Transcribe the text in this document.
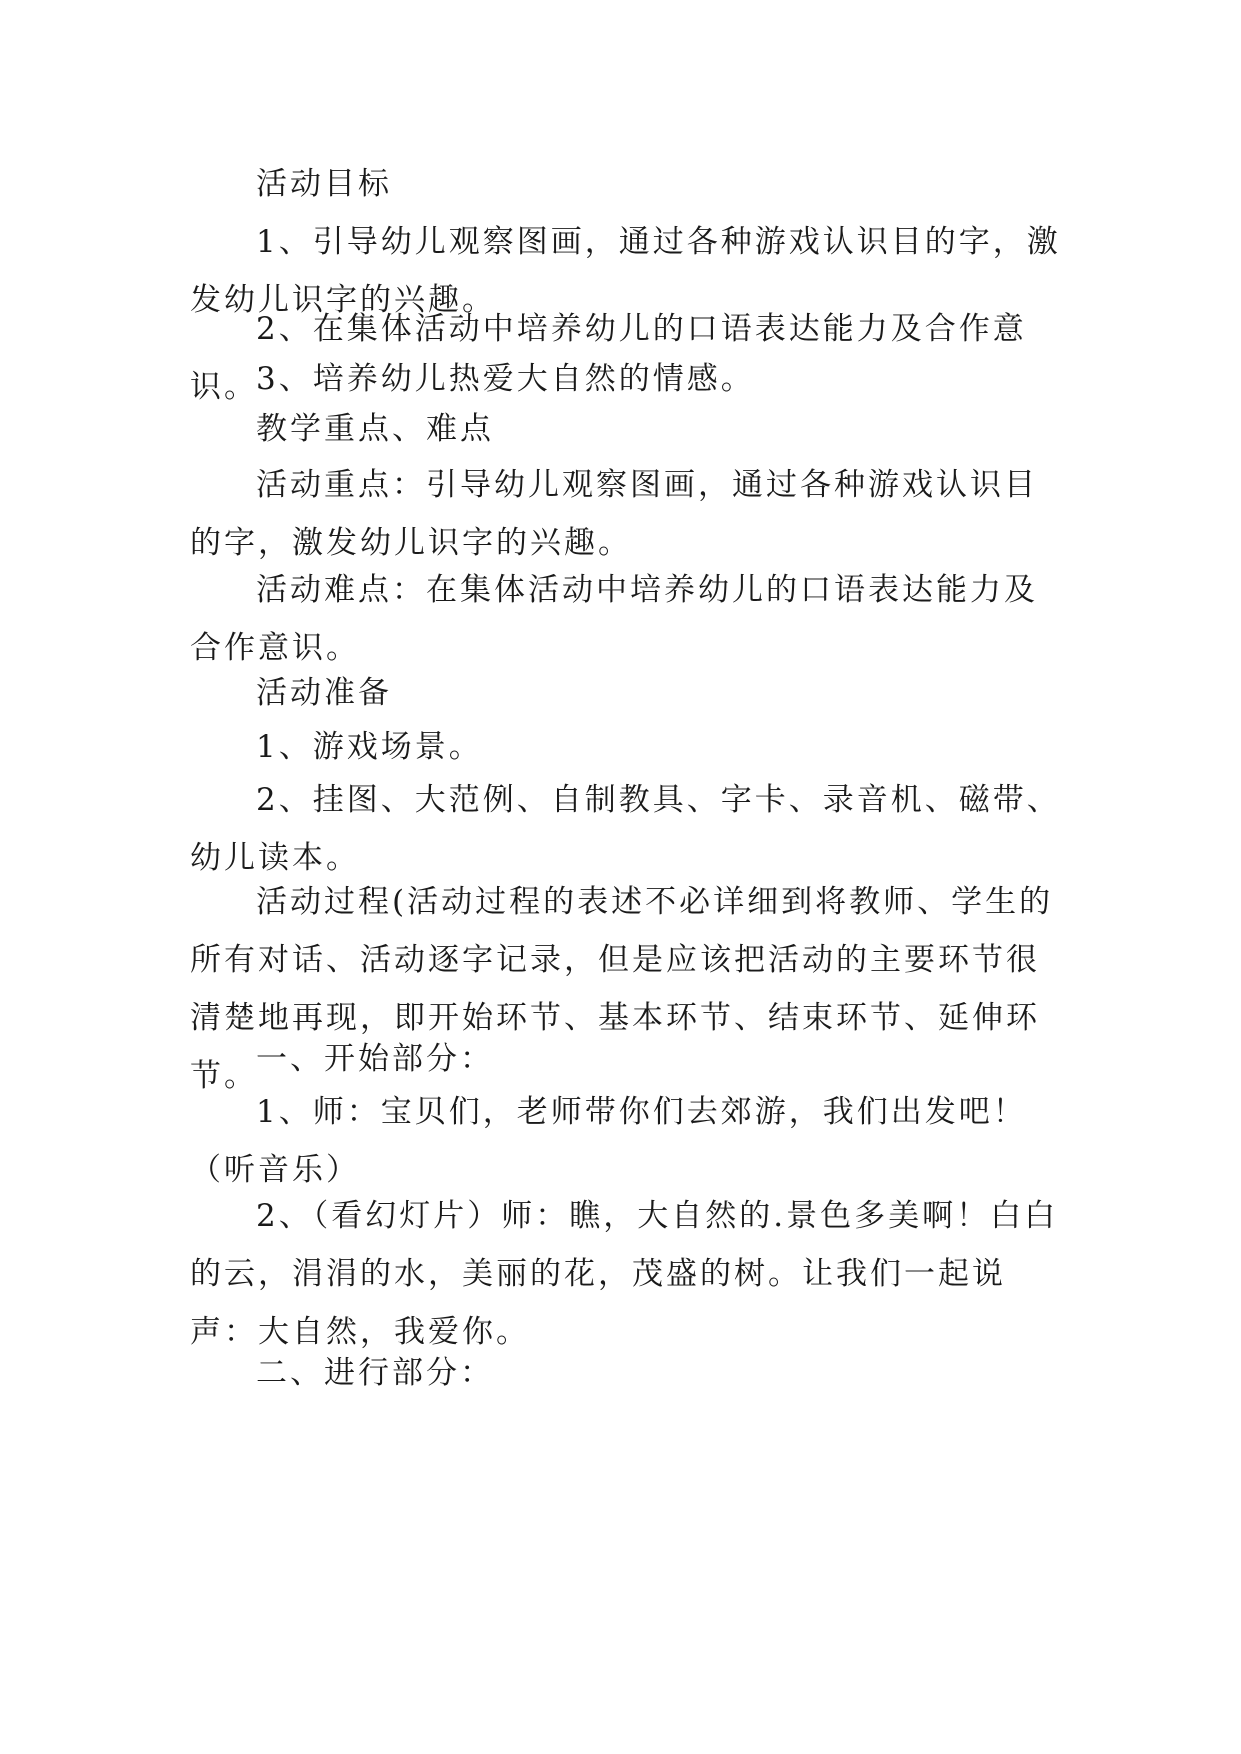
活动目标

1、引导幼儿观察图画，通过各种游戏认识目的字，激发幼儿识字的兴趣。

2、在集体活动中培养幼儿的口语表达能力及合作意识。

3、培养幼儿热爱大自然的情感。

教学重点、难点

活动重点：引导幼儿观察图画，通过各种游戏认识目的字，激发幼儿识字的兴趣。

活动难点：在集体活动中培养幼儿的口语表达能力及合作意识。

活动准备

1、游戏场景。

2、挂图、大范例、自制教具、字卡、录音机、磁带、幼儿读本。

活动过程(活动过程的表述不必详细到将教师、学生的所有对话、活动逐字记录，但是应该把活动的主要环节很清楚地再现，即开始环节、基本环节、结束环节、延伸环节。

一、开始部分：

1、师：宝贝们，老师带你们去郊游，我们出发吧！（听音乐）

2、（看幻灯片）师：瞧，大自然的.景色多美啊！白白的云，涓涓的水，美丽的花，茂盛的树。让我们一起说声：大自然，我爱你。

二、进行部分：
